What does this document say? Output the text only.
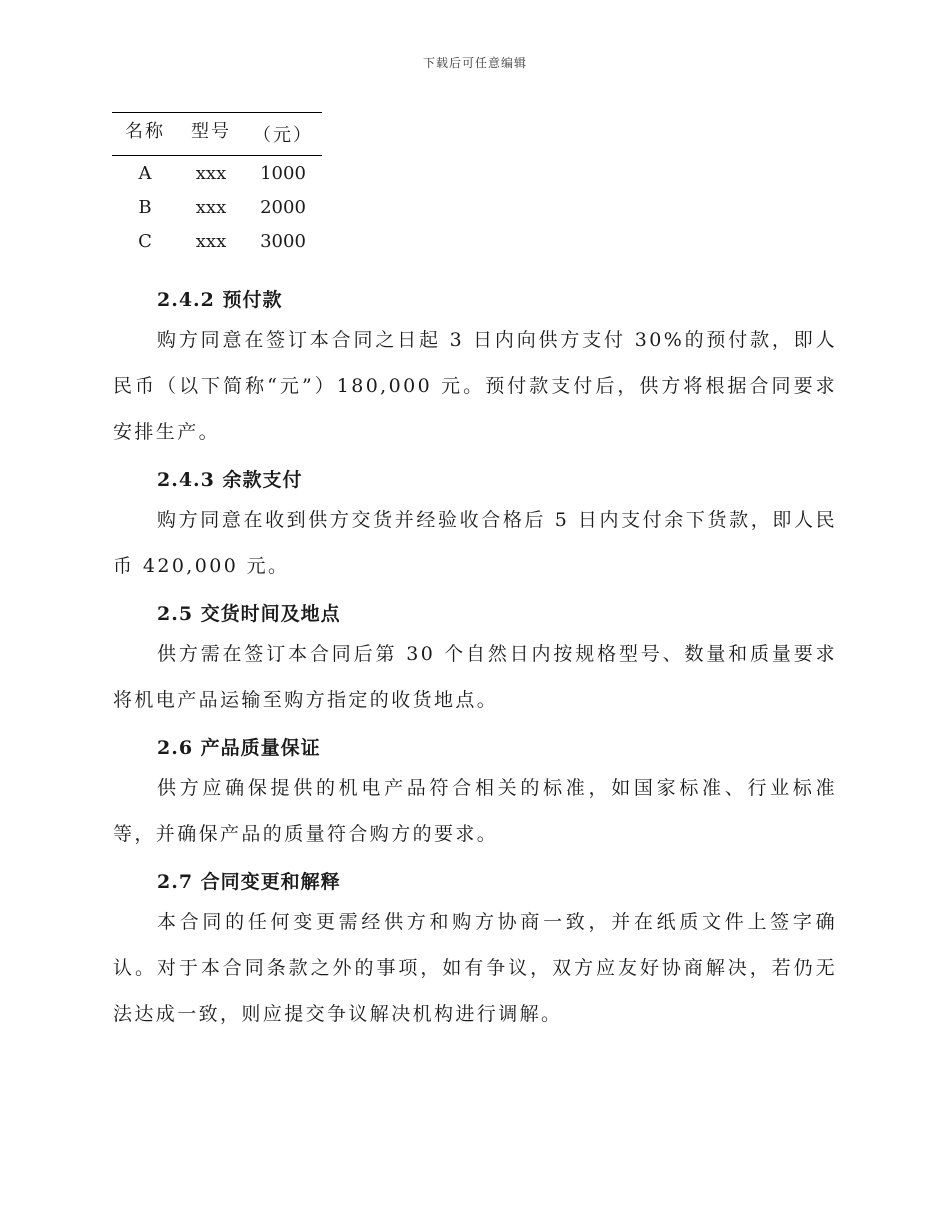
下载后可任意编辑
名称	型号	（元）
A	xxx	1000
B	xxx	2000
C	xxx	3000
2.4.2 预付款

购方同意在签订本合同之日起 3 日内向供方支付 30%的预付款，即人民币（以下简称“元”）180,000 元。预付款支付后，供方将根据合同要求安排生产。

2.4.3 余款支付

购方同意在收到供方交货并经验收合格后 5 日内支付余下货款，即人民币 420,000 元。

2.5 交货时间及地点

供方需在签订本合同后第 30 个自然日内按规格型号、数量和质量要求将机电产品运输至购方指定的收货地点。

2.6 产品质量保证

供方应确保提供的机电产品符合相关的标准，如国家标准、行业标准等，并确保产品的质量符合购方的要求。

2.7 合同变更和解释

本合同的任何变更需经供方和购方协商一致，并在纸质文件上签字确认。对于本合同条款之外的事项，如有争议，双方应友好协商解决，若仍无法达成一致，则应提交争议解决机构进行调解。
